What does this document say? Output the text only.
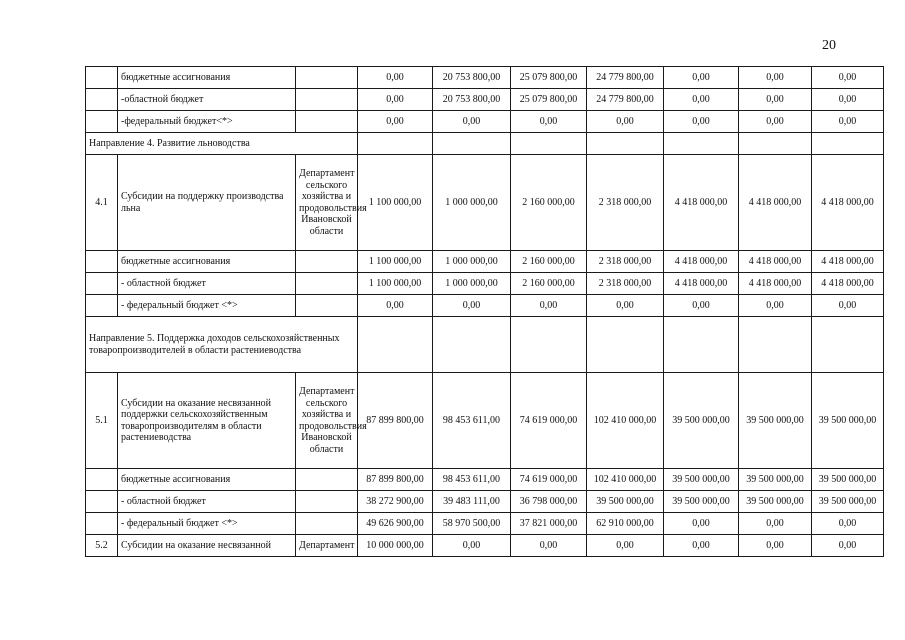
20
	бюджетные ассигнования		0,00	20 753 800,00	25 079 800,00	24 779 800,00	0,00	0,00	0,00
	-областной бюджет		0,00	20 753 800,00	25 079 800,00	24 779 800,00	0,00	0,00	0,00
	-федеральный бюджет<*>		0,00	0,00	0,00	0,00	0,00	0,00	0,00
Направление 4. Развитие льноводства									
4.1	Субсидии на поддержку производства льна	Департамент сельского хозяйства и продовольствия Ивановской области	1 100 000,00	1 000 000,00	2 160 000,00	2 318 000,00	4 418 000,00	4 418 000,00	4 418 000,00
	бюджетные ассигнования		1 100 000,00	1 000 000,00	2 160 000,00	2 318 000,00	4 418 000,00	4 418 000,00	4 418 000,00
	- областной бюджет		1 100 000,00	1 000 000,00	2 160 000,00	2 318 000,00	4 418 000,00	4 418 000,00	4 418 000,00
	- федеральный бюджет <*>		0,00	0,00	0,00	0,00	0,00	0,00	0,00
Направление 5. Поддержка доходов сельскохозяйственных товаропроизводителей в области растениеводства									
5.1	Субсидии на оказание несвязанной поддержки сельскохозяйственным товаропроизводителям в области растениеводства	Департамент сельского хозяйства и продовольствия Ивановской области	87 899 800,00	98 453 611,00	74 619 000,00	102 410 000,00	39 500 000,00	39 500 000,00	39 500 000,00
	бюджетные ассигнования		87 899 800,00	98 453 611,00	74 619 000,00	102 410 000,00	39 500 000,00	39 500 000,00	39 500 000,00
	- областной бюджет		38 272 900,00	39 483 111,00	36 798 000,00	39 500 000,00	39 500 000,00	39 500 000,00	39 500 000,00
	- федеральный бюджет <*>		49 626 900,00	58 970 500,00	37 821 000,00	62 910 000,00	0,00	0,00	0,00
5.2	Субсидии на оказание несвязанной	Департамент	10 000 000,00	0,00	0,00	0,00	0,00	0,00	0,00
